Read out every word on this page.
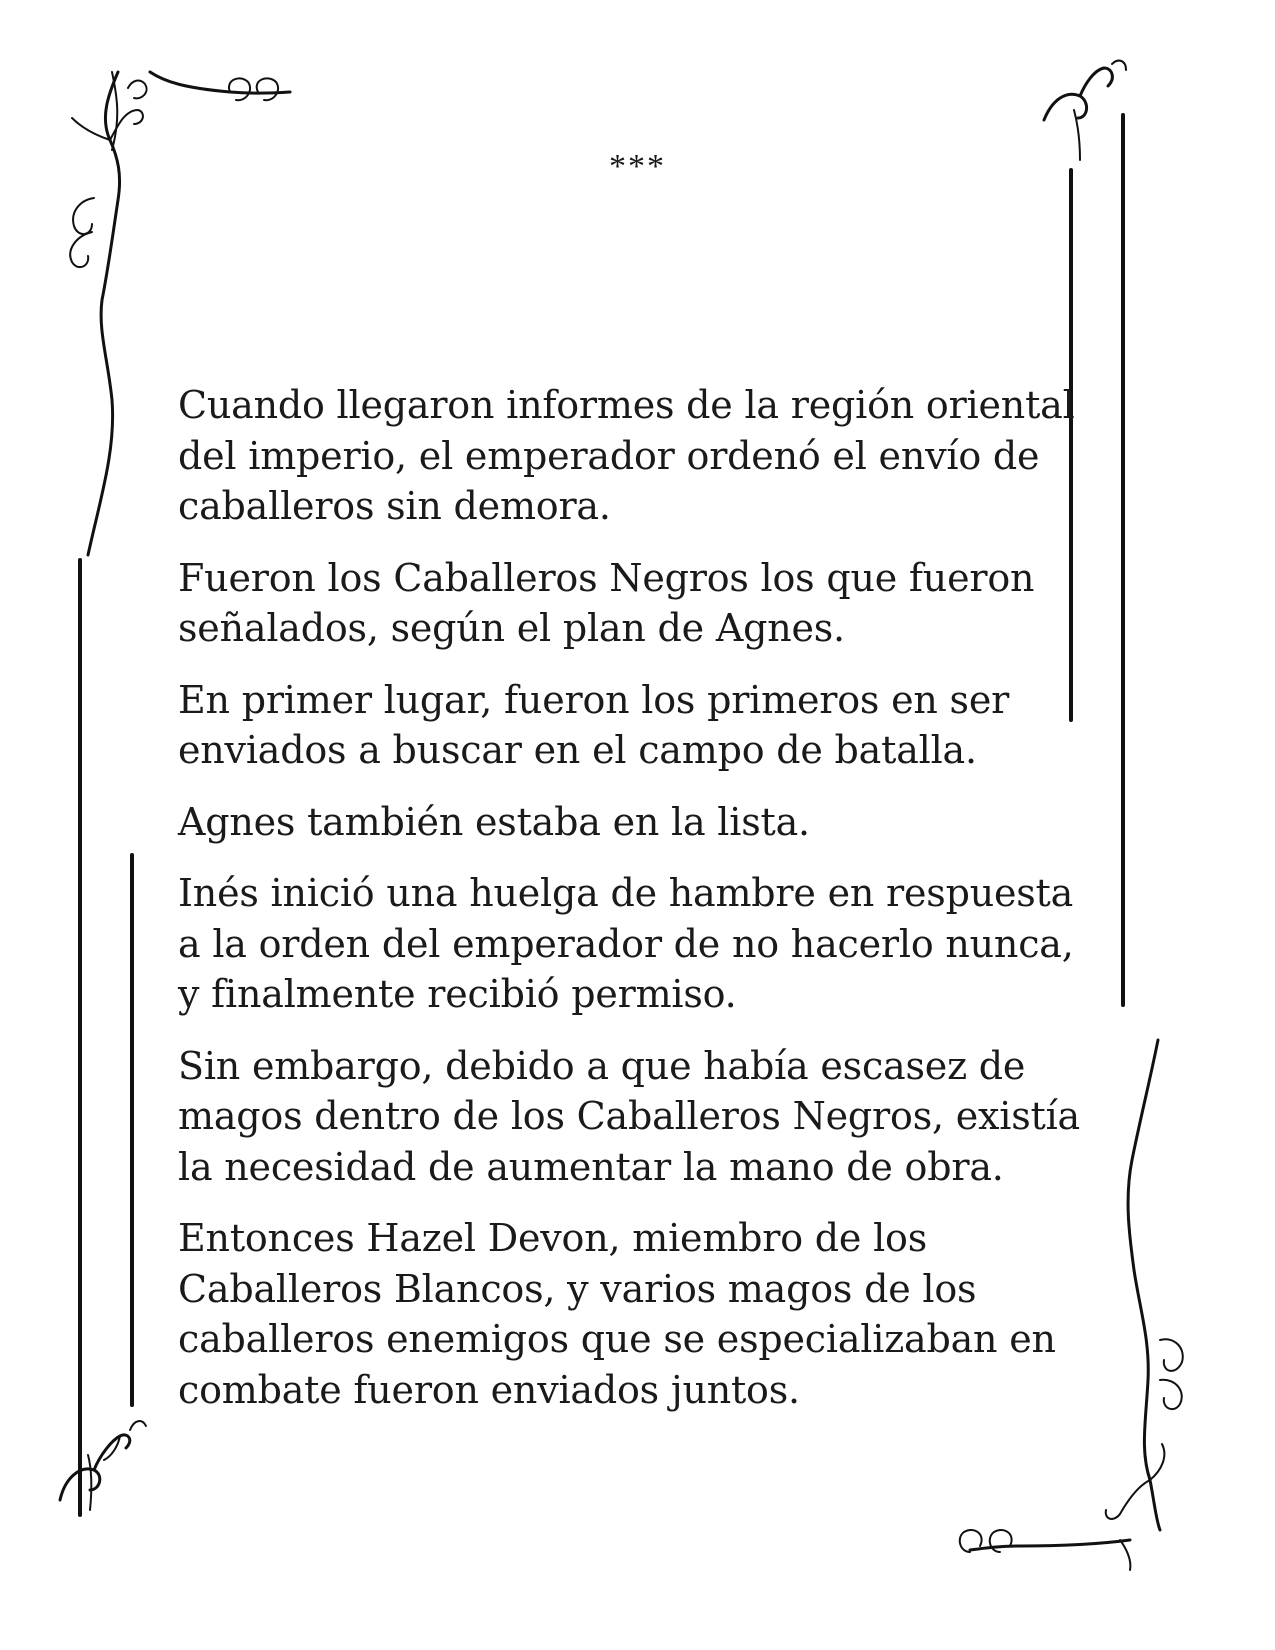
***

Cuando llegaron informes de la región oriental
del imperio, el emperador ordenó el envío de
caballeros sin demora.

Fueron los Caballeros Negros los que fueron
señalados, según el plan de Agnes.

En primer lugar, fueron los primeros en ser
enviados a buscar en el campo de batalla.

Agnes también estaba en la lista.

Inés inició una huelga de hambre en respuesta
a la orden del emperador de no hacerlo nunca,
y finalmente recibió permiso.

Sin embargo, debido a que había escasez de
magos dentro de los Caballeros Negros, existía
la necesidad de aumentar la mano de obra.

Entonces Hazel Devon, miembro de los
Caballeros Blancos, y varios magos de los
caballeros enemigos que se especializaban en
combate fueron enviados juntos.
